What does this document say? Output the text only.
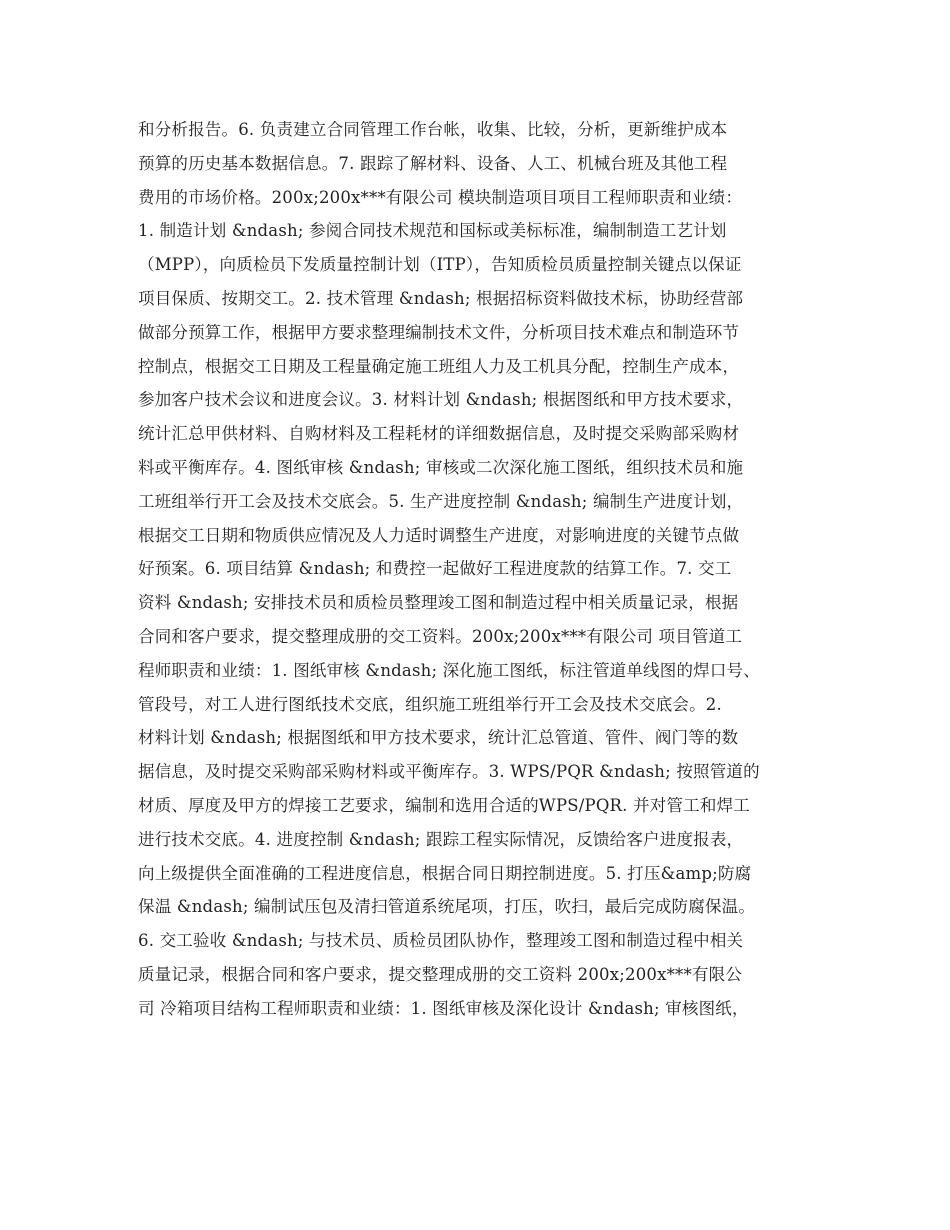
和分析报告。6. 负责建立合同管理工作台帐，收集、比较，分析，更新维护成本
预算的历史基本数据信息。7. 跟踪了解材料、设备、人工、机械台班及其他工程
费用的市场价格。200x;200x***有限公司 模块制造项目项目工程师职责和业绩：
1. 制造计划 &ndash; 参阅合同技术规范和国标或美标标准，编制制造工艺计划
（MPP），向质检员下发质量控制计划（ITP），告知质检员质量控制关键点以保证
项目保质、按期交工。2. 技术管理 &ndash; 根据招标资料做技术标，协助经营部
做部分预算工作，根据甲方要求整理编制技术文件，分析项目技术难点和制造环节
控制点，根据交工日期及工程量确定施工班组人力及工机具分配，控制生产成本，
参加客户技术会议和进度会议。3. 材料计划 &ndash; 根据图纸和甲方技术要求，
统计汇总甲供材料、自购材料及工程耗材的详细数据信息，及时提交采购部采购材
料或平衡库存。4. 图纸审核 &ndash; 审核或二次深化施工图纸，组织技术员和施
工班组举行开工会及技术交底会。5. 生产进度控制 &ndash; 编制生产进度计划，
根据交工日期和物质供应情况及人力适时调整生产进度，对影响进度的关键节点做
好预案。6. 项目结算 &ndash; 和费控一起做好工程进度款的结算工作。7. 交工
资料 &ndash; 安排技术员和质检员整理竣工图和制造过程中相关质量记录，根据
合同和客户要求，提交整理成册的交工资料。200x;200x***有限公司 项目管道工
程师职责和业绩：1. 图纸审核 &ndash; 深化施工图纸，标注管道单线图的焊口号、
管段号，对工人进行图纸技术交底，组织施工班组举行开工会及技术交底会。2.
材料计划 &ndash; 根据图纸和甲方技术要求，统计汇总管道、管件、阀门等的数
据信息，及时提交采购部采购材料或平衡库存。3. WPS/PQR &ndash; 按照管道的
材质、厚度及甲方的焊接工艺要求，编制和选用合适的WPS/PQR. 并对管工和焊工
进行技术交底。4. 进度控制 &ndash; 跟踪工程实际情况，反馈给客户进度报表，
向上级提供全面准确的工程进度信息，根据合同日期控制进度。5. 打压&amp;防腐
保温 &ndash; 编制试压包及清扫管道系统尾项，打压，吹扫，最后完成防腐保温。
6. 交工验收 &ndash; 与技术员、质检员团队协作，整理竣工图和制造过程中相关
质量记录，根据合同和客户要求，提交整理成册的交工资料 200x;200x***有限公
司 冷箱项目结构工程师职责和业绩：1. 图纸审核及深化设计 &ndash; 审核图纸，
